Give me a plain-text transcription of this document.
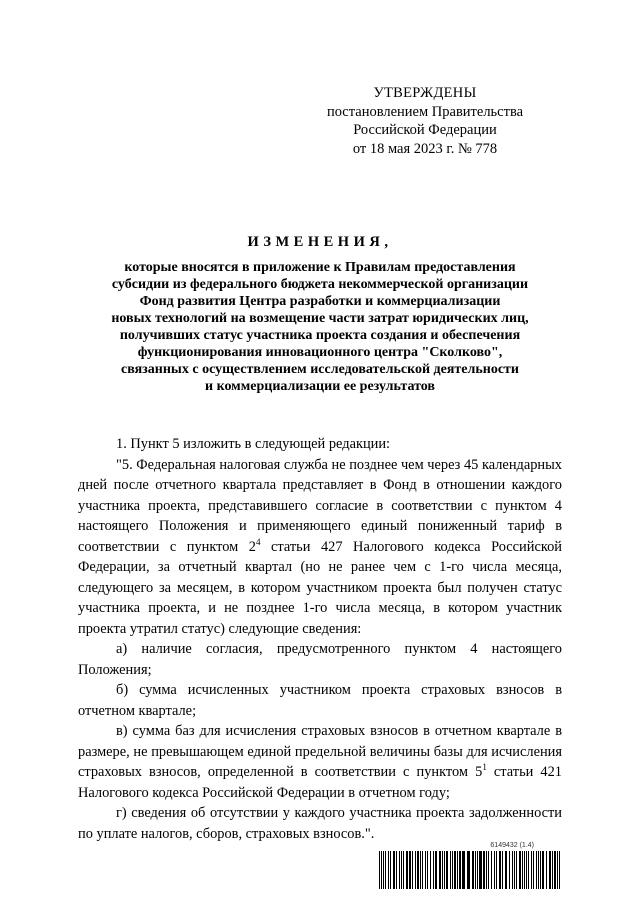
УТВЕРЖДЕНЫ
постановлением Правительства
Российской Федерации
от 18 мая 2023 г. № 778
ИЗМЕНЕНИЯ,
которые вносятся в приложение к Правилам предоставления
субсидии из федерального бюджета некоммерческой организации
Фонд развития Центра разработки и коммерциализации
новых технологий на возмещение части затрат юридических лиц,
получивших статус участника проекта создания и обеспечения
функционирования инновационного центра "Сколково",
связанных с осуществлением исследовательской деятельности
и коммерциализации ее результатов

1. Пункт 5 изложить в следующей редакции:

"5. Федеральная налоговая служба не позднее чем через 45 календарных дней после отчетного квартала представляет в Фонд в отношении каждого участника проекта, представившего согласие в соответствии с пунктом 4 настоящего Положения и применяющего единый пониженный тариф в соответствии с пунктом $2^4$ статьи 427 Налогового кодекса Российской Федерации, за отчетный квартал (но не ранее чем с 1-го числа месяца, следующего за месяцем, в котором участником проекта был получен статус участника проекта, и не позднее 1-го числа месяца, в котором участник проекта утратил статус) следующие сведения:

а) наличие согласия, предусмотренного пунктом 4 настоящего Положения;

б) сумма исчисленных участником проекта страховых взносов в отчетном квартале;

в) сумма баз для исчисления страховых взносов в отчетном квартале в размере, не превышающем единой предельной величины базы для исчисления страховых взносов, определенной в соответствии с пунктом $5^1$ статьи 421 Налогового кодекса Российской Федерации в отчетном году;

г) сведения об отсутствии у каждого участника проекта задолженности по уплате налогов, сборов, страховых взносов.".

6149432 (1.4)
